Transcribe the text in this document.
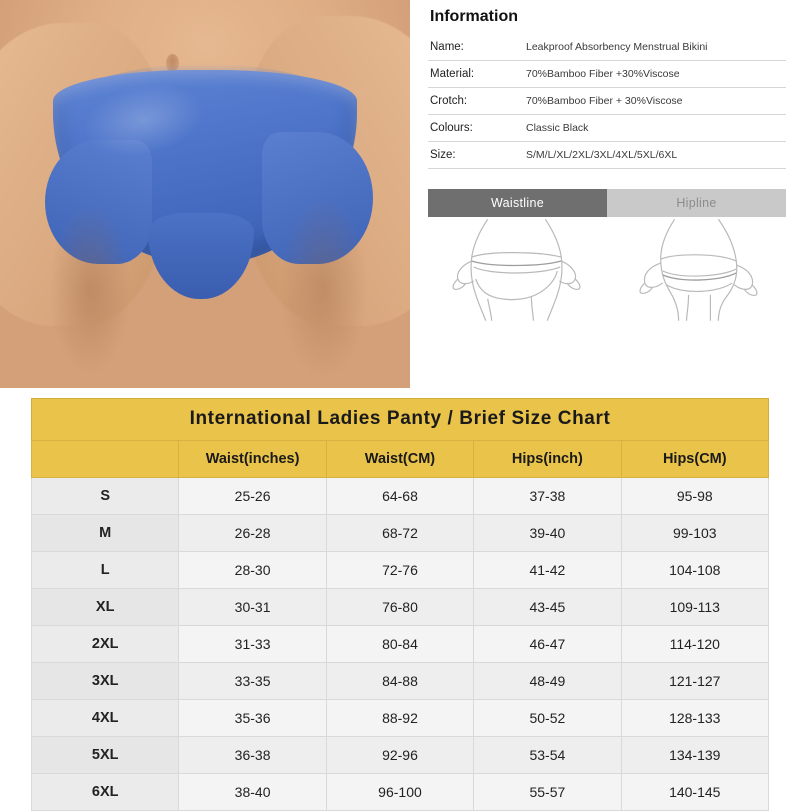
Information
Name:	Leakproof Absorbency Menstrual Bikini
Material:	70%Bamboo Fiber +30%Viscose
Crotch:	70%Bamboo Fiber + 30%Viscose
Colours:	Classic Black
Size:	S/M/L/XL/2XL/3XL/4XL/5XL/6XL
Waistline	Hipline
International Ladies Panty / Brief Size Chart
	Waist(inches)	Waist(CM)	Hips(inch)	Hips(CM)
S	25-26	64-68	37-38	95-98
M	26-28	68-72	39-40	99-103
L	28-30	72-76	41-42	104-108
XL	30-31	76-80	43-45	109-113
2XL	31-33	80-84	46-47	114-120
3XL	33-35	84-88	48-49	121-127
4XL	35-36	88-92	50-52	128-133
5XL	36-38	92-96	53-54	134-139
6XL	38-40	96-100	55-57	140-145
